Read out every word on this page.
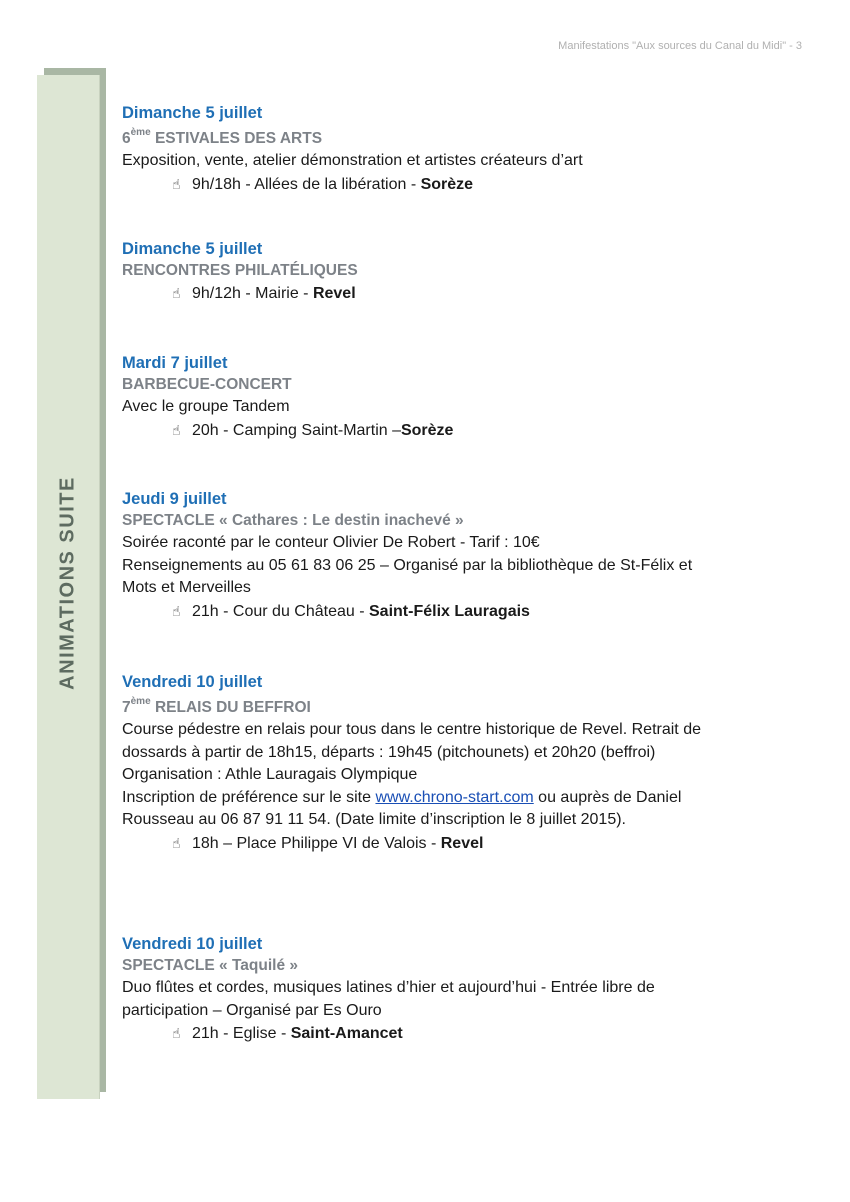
Manifestations "Aux sources du Canal du Midi" - 3
ANIMATIONS SUITE
Dimanche 5 juillet
6ème ESTIVALES DES ARTS
Exposition, vente, atelier démonstration et artistes créateurs d’art
☝ 9h/18h - Allées de la libération - Sorèze
Dimanche 5 juillet
RENCONTRES PHILATÉLIQUES
☝ 9h/12h - Mairie - Revel
Mardi 7 juillet
BARBECUE-CONCERT
Avec le groupe Tandem
☝ 20h - Camping Saint-Martin –Sorèze
Jeudi 9 juillet
SPECTACLE « Cathares : Le destin inachevé »
Soirée raconté par le conteur Olivier De Robert - Tarif : 10€
Renseignements au 05 61 83 06 25 – Organisé par la bibliothèque de St-Félix et
Mots et Merveilles
☝ 21h - Cour du Château - Saint-Félix Lauragais
Vendredi 10 juillet
7ème RELAIS DU BEFFROI
Course pédestre en relais pour tous dans le centre historique de Revel. Retrait de
dossards à partir de 18h15, départs : 19h45 (pitchounets) et 20h20 (beffroi)
Organisation : Athle Lauragais Olympique
Inscription de préférence sur le site www.chrono-start.com ou auprès de Daniel
Rousseau au 06 87 91 11 54. (Date limite d’inscription le 8 juillet 2015).
☝ 18h – Place Philippe VI de Valois - Revel
Vendredi 10 juillet
SPECTACLE « Taquilé »
Duo flûtes et cordes, musiques latines d’hier et aujourd’hui - Entrée libre de
participation – Organisé par Es Ouro
☝ 21h - Eglise - Saint-Amancet
